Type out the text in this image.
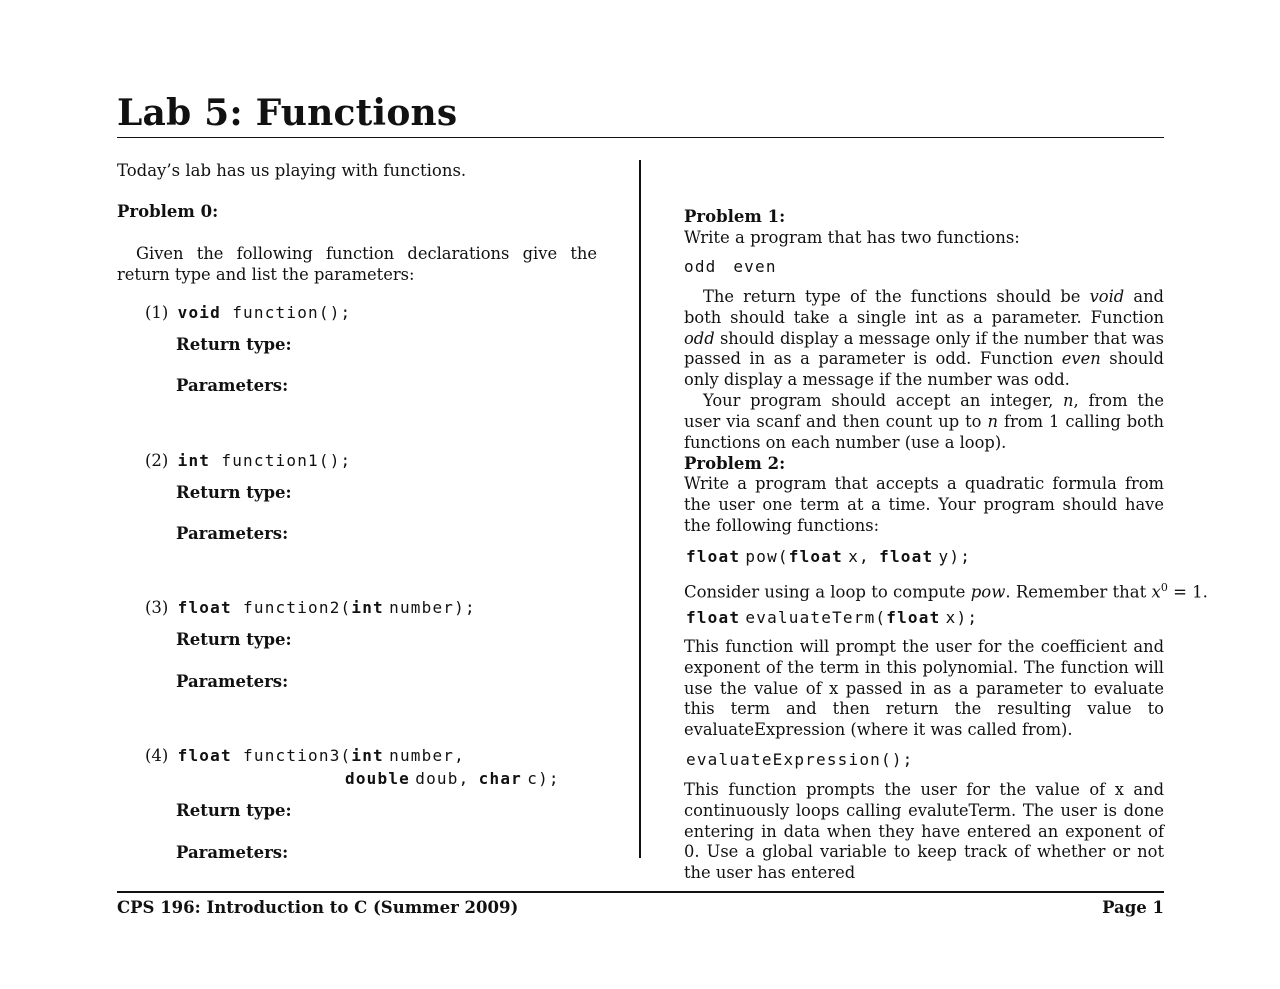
Lab 5: Functions
Today’s lab has us playing with functions.
Problem 0:
Given the following function declarations give the return type and list the parameters:
(1) void function();
Return type:
Parameters:
(2) int function1();
Return type:
Parameters:
(3) float function2(int number);
Return type:
Parameters:
(4) float function3(int number,
double doub, char c);
Return type:
Parameters:
Problem 1:
Write a program that has two functions:
odd even
The return type of the functions should be void and both should take a single int as a parameter. Function odd should display a message only if the number that was passed in as a parameter is odd. Function even should only display a message if the number was odd.
Your program should accept an integer, n, from the user via scanf and then count up to n from 1 calling both functions on each number (use a loop).
Problem 2:
Write a program that accepts a quadratic formula from the user one term at a time. Your program should have the following functions:
float pow(float x, float y);
Consider using a loop to compute pow. Remember that $x^0 = 1$.
float evaluateTerm(float x);
This function will prompt the user for the coefficient and exponent of the term in this polynomial. The function will use the value of x passed in as a parameter to evaluate this term and then return the resulting value to evaluateExpression (where it was called from).
evaluateExpression();
This function prompts the user for the value of x and continuously loops calling evaluteTerm. The user is done entering in data when they have entered an exponent of 0. Use a global variable to keep track of whether or not the user has entered
CPS 196: Introduction to C (Summer 2009)	Page 1
